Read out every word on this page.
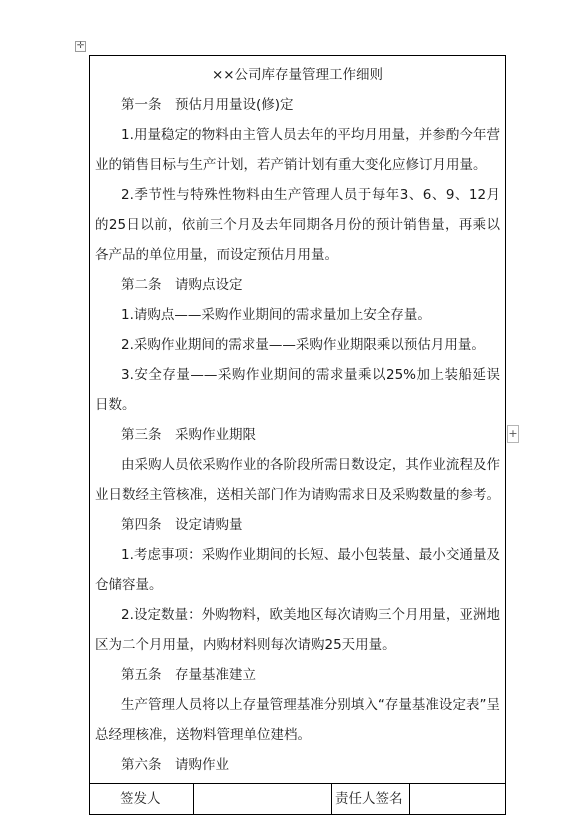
✛
××公司库存量管理工作细则
第一条　预估月用量设(修)定
1.用量稳定的物料由主管人员去年的平均月用量，并参酌今年营业的销售目标与生产计划，若产销计划有重大变化应修订月用量。
2.季节性与特殊性物料由生产管理人员于每年3、6、9、12月的25日以前，依前三个月及去年同期各月份的预计销售量，再乘以各产品的单位用量，而设定预估月用量。
第二条　请购点设定
1.请购点——采购作业期间的需求量加上安全存量。
2.采购作业期间的需求量——采购作业期限乘以预估月用量。
3.安全存量——采购作业期间的需求量乘以25%加上装船延误日数。
第三条　采购作业期限
由采购人员依采购作业的各阶段所需日数设定，其作业流程及作业日数经主管核准，送相关部门作为请购需求日及采购数量的参考。
第四条　设定请购量
1.考虑事项：采购作业期间的长短、最小包装量、最小交通量及仓储容量。
2.设定数量：外购物料，欧美地区每次请购三个月用量，亚洲地区为二个月用量，内购材料则每次请购25天用量。
第五条　存量基准建立
生产管理人员将以上存量管理基准分别填入“存量基准设定表”呈总经理核准，送物料管理单位建档。
第六条　请购作业

签发人		责任人签名	
+
